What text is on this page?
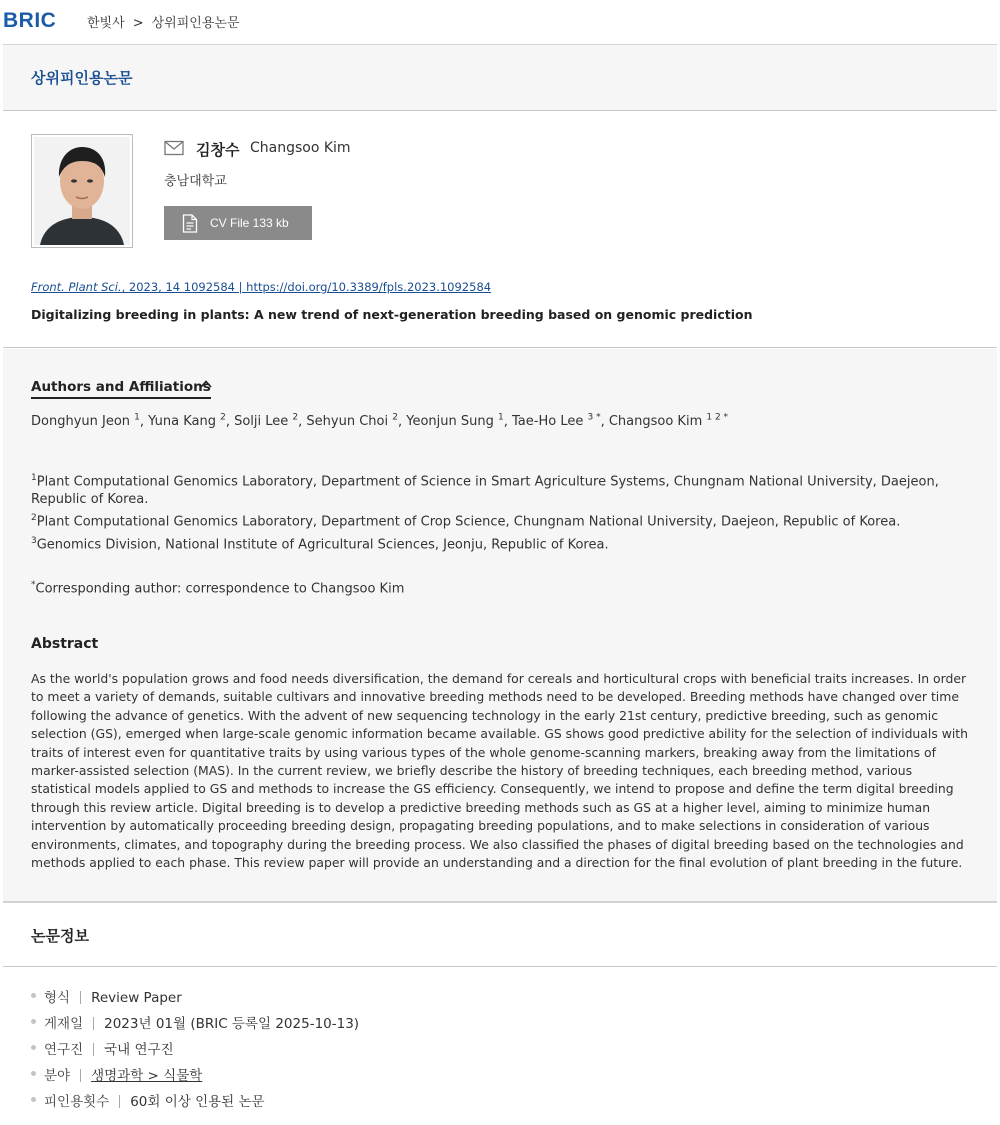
BRIC 한빛사 > 상위피인용논문
상위피인용논문
김창수 Changsoo Kim
충남대학교
CV File 133 kb
Front. Plant Sci., 2023, 14 1092584 | https://doi.org/10.3389/fpls.2023.1092584
Digitalizing breeding in plants: A new trend of next-generation breeding based on genomic prediction
Authors and Affiliations
Donghyun Jeon $^1$, Yuna Kang $^2$, Solji Lee $^2$, Sehyun Choi $^2$, Yeonjun Sung $^1$, Tae-Ho Lee $^{3 *}$, Changsoo Kim $^{1 2 *}$
$^1$Plant Computational Genomics Laboratory, Department of Science in Smart Agriculture Systems, Chungnam National University, Daejeon, Republic of Korea.
$^2$Plant Computational Genomics Laboratory, Department of Crop Science, Chungnam National University, Daejeon, Republic of Korea.
$^3$Genomics Division, National Institute of Agricultural Sciences, Jeonju, Republic of Korea.
*Corresponding author: correspondence to Changsoo Kim
Abstract
As the world's population grows and food needs diversification, the demand for cereals and horticultural crops with beneficial traits increases. In order to meet a variety of demands, suitable cultivars and innovative breeding methods need to be developed. Breeding methods have changed over time following the advance of genetics. With the advent of new sequencing technology in the early 21st century, predictive breeding, such as genomic selection (GS), emerged when large-scale genomic information became available. GS shows good predictive ability for the selection of individuals with traits of interest even for quantitative traits by using various types of the whole genome-scanning markers, breaking away from the limitations of marker-assisted selection (MAS). In the current review, we briefly describe the history of breeding techniques, each breeding method, various statistical models applied to GS and methods to increase the GS efficiency. Consequently, we intend to propose and define the term digital breeding through this review article. Digital breeding is to develop a predictive breeding methods such as GS at a higher level, aiming to minimize human intervention by automatically proceeding breeding design, propagating breeding populations, and to make selections in consideration of various environments, climates, and topography during the breeding process. We also classified the phases of digital breeding based on the technologies and methods applied to each phase. This review paper will provide an understanding and a direction for the final evolution of plant breeding in the future.
논문정보
형식 Review Paper
게재일 2023년 01월 (BRIC 등록일 2025-10-13)
연구진 국내 연구진
분야 생명과학 > 식물학
피인용횟수 60회 이상 인용된 논문
